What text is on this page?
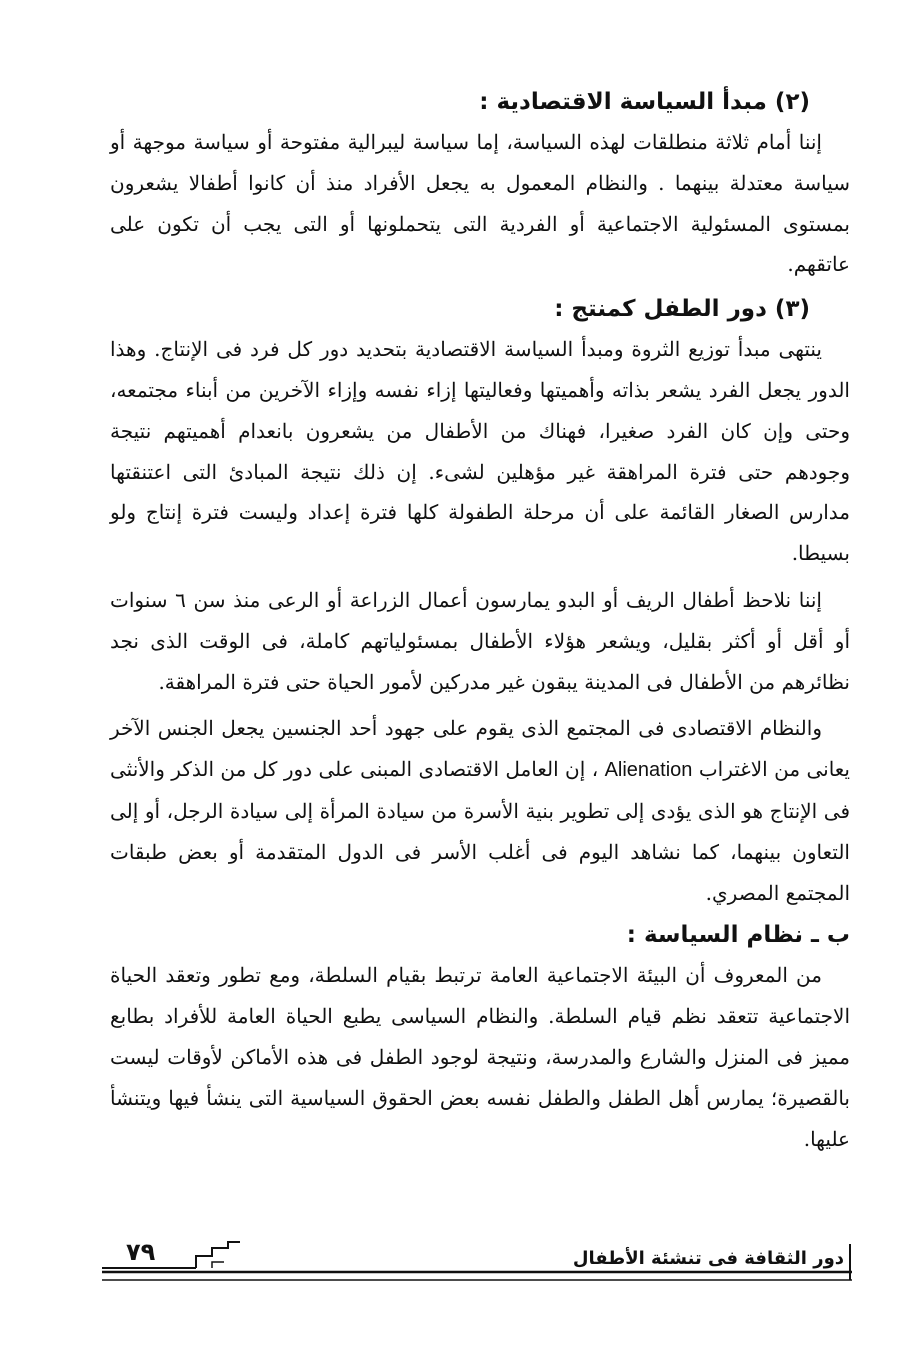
(٢) مبدأ السياسة الاقتصادية :

إننا أمام ثلاثة منطلقات لهذه السياسة، إما سياسة ليبرالية مفتوحة أو سياسة موجهة أو سياسة معتدلة بينهما . والنظام المعمول به يجعل الأفراد منذ أن كانوا أطفالا يشعرون بمستوى المسئولية الاجتماعية أو الفردية التى يتحملونها أو التى يجب أن تكون على عاتقهم.

(٣) دور الطفل كمنتج :

ينتهى مبدأ توزيع الثروة ومبدأ السياسة الاقتصادية بتحديد دور كل فرد فى الإنتاج. وهذا الدور يجعل الفرد يشعر بذاته وأهميتها وفعاليتها إزاء نفسه وإزاء الآخرين من أبناء مجتمعه، وحتى وإن كان الفرد صغيرا، فهناك من الأطفال من يشعرون بانعدام أهميتهم نتيجة وجودهم حتى فترة المراهقة غير مؤهلين لشىء. إن ذلك نتيجة المبادئ التى اعتنقتها مدارس الصغار القائمة على أن مرحلة الطفولة كلها فترة إعداد وليست فترة إنتاج ولو بسيطا.

إننا نلاحظ أطفال الريف أو البدو يمارسون أعمال الزراعة أو الرعى منذ سن ٦ سنوات أو أقل أو أكثر بقليل، ويشعر هؤلاء الأطفال بمسئولياتهم كاملة، فى الوقت الذى نجد نظائرهم من الأطفال فى المدينة يبقون غير مدركين لأمور الحياة حتى فترة المراهقة.

والنظام الاقتصادى فى المجتمع الذى يقوم على جهود أحد الجنسين يجعل الجنس الآخر يعانى من الاغتراب Alienation ، إن العامل الاقتصادى المبنى على دور كل من الذكر والأنثى فى الإنتاج هو الذى يؤدى إلى تطوير بنية الأسرة من سيادة المرأة إلى سيادة الرجل، أو إلى التعاون بينهما، كما نشاهد اليوم فى أغلب الأسر فى الدول المتقدمة أو بعض طبقات المجتمع المصري.

ب ـ نظام السياسة :

من المعروف أن البيئة الاجتماعية العامة ترتبط بقيام السلطة، ومع تطور وتعقد الحياة الاجتماعية تتعقد نظم قيام السلطة. والنظام السياسى يطبع الحياة العامة للأفراد بطابع مميز فى المنزل والشارع والمدرسة، ونتيجة لوجود الطفل فى هذه الأماكن لأوقات ليست بالقصيرة؛ يمارس أهل الطفل والطفل نفسه بعض الحقوق السياسية التى ينشأ فيها ويتنشأ عليها.

٧٩	دور الثقافة فى تنشئة الأطفال
